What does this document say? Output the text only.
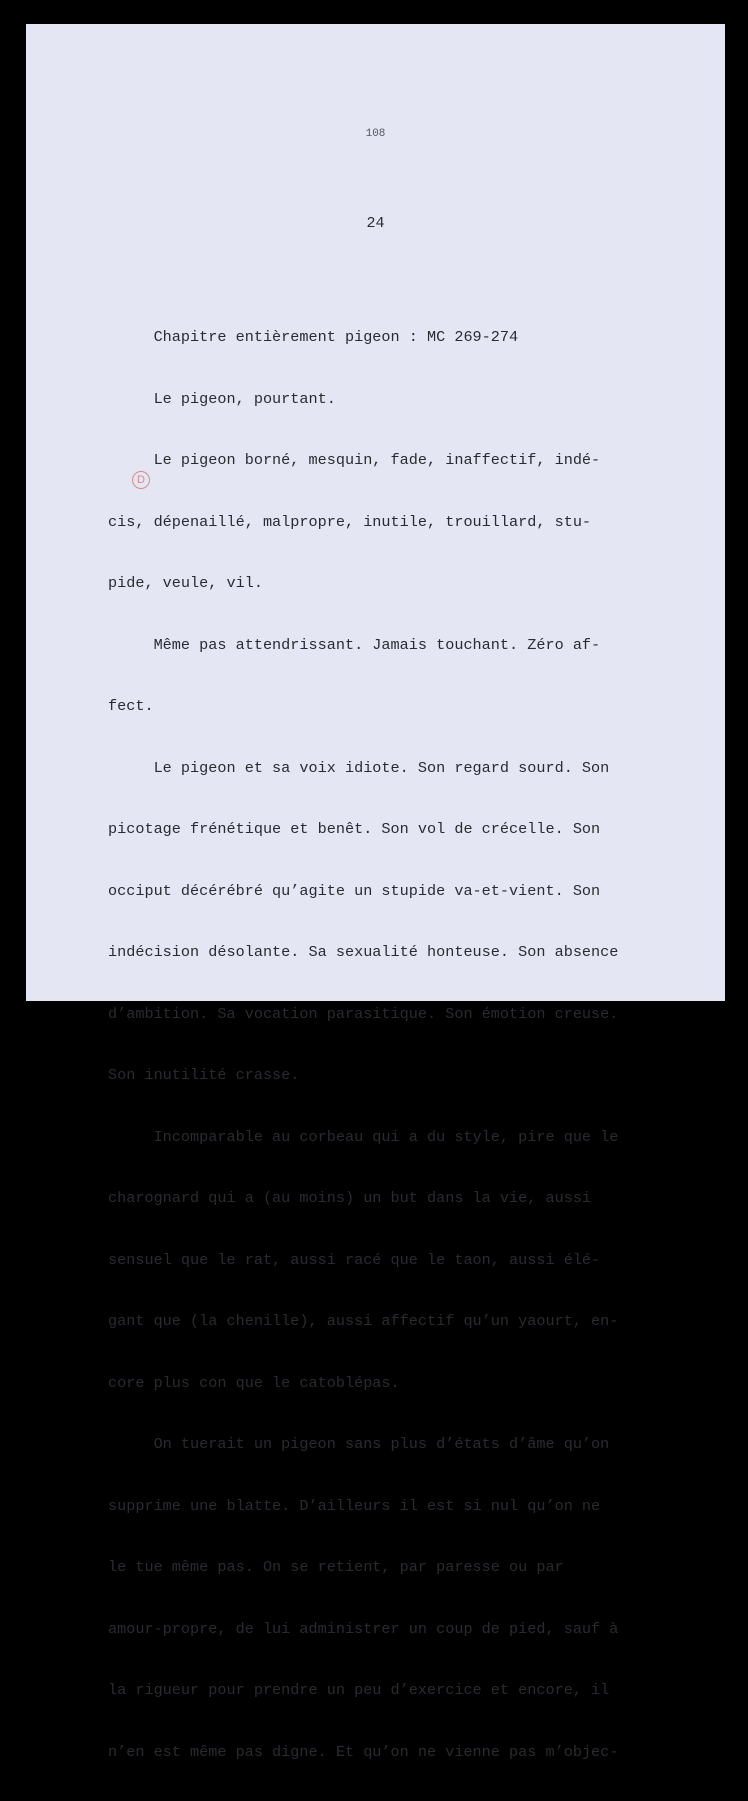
108
24
D

Chapitre entièrement pigeon : MC 269-274

Le pigeon, pourtant.

Le pigeon borné, mesquin, fade, inaffectif, indé-

cis, dépenaillé, malpropre, inutile, trouillard, stu-

pide, veule, vil.

Même pas attendrissant. Jamais touchant. Zéro af-

fect.

Le pigeon et sa voix idiote. Son regard sourd. Son

picotage frénétique et benêt. Son vol de crécelle. Son

occiput décérébré qu’agite un stupide va-et-vient. Son

indécision désolante. Sa sexualité honteuse. Son absence

d’ambition. Sa vocation parasitique. Son émotion creuse.

Son inutilité crasse.

Incomparable au corbeau qui a du style, pire que le

charognard qui a (au moins) un but dans la vie, aussi

sensuel que le rat, aussi racé que le taon, aussi élé-

gant que (la chenille), aussi affectif qu’un yaourt, en-

core plus con que le catoblépas.

On tuerait un pigeon sans plus d’états d’âme qu’on

supprime une blatte. D’ailleurs il est si nul qu’on ne

le tue même pas. On se retient, par paresse ou par

amour-propre, de lui administrer un coup de pied, sauf à

la rigueur pour prendre un peu d’exercice et encore, il

n’en est même pas digne. Et qu’on ne vienne pas m’objec-
